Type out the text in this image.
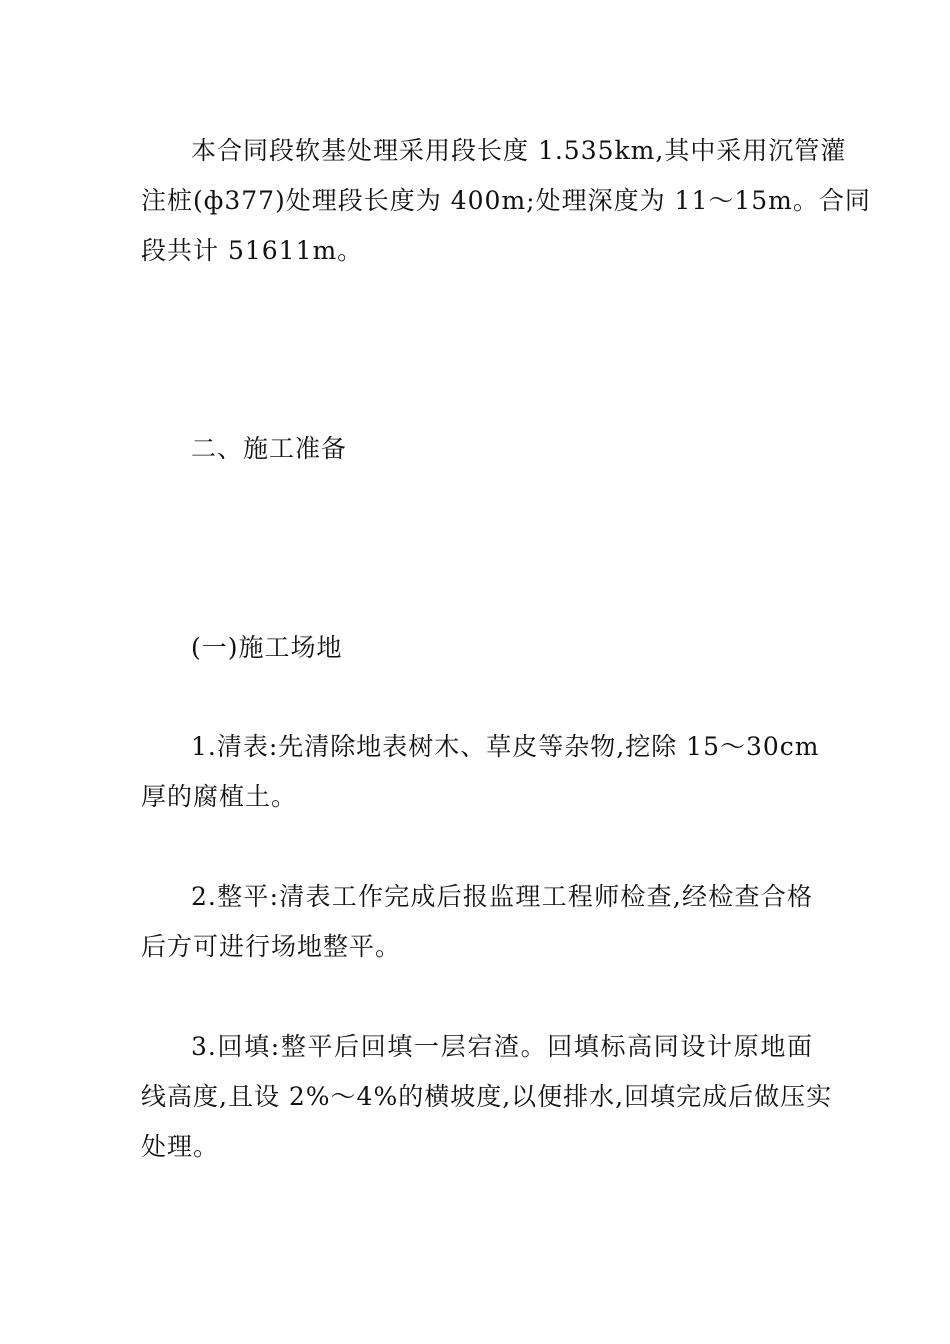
本合同段软基处理采用段长度 1.535km,其中采用沉管灌
注桩(ф377)处理段长度为 400m;处理深度为 11～15m。合同
段共计 51611m。
二、施工准备
(一)施工场地
1.清表:先清除地表树木、草皮等杂物,挖除 15～30cm
厚的腐植土。
2.整平:清表工作完成后报监理工程师检查,经检查合格
后方可进行场地整平。
3.回填:整平后回填一层宕渣。回填标高同设计原地面
线高度,且设 2%～4%的横坡度,以便排水,回填完成后做压实
处理。
